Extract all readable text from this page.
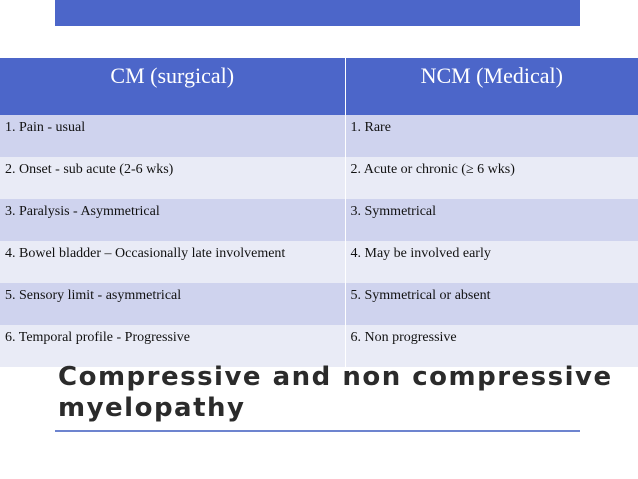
CM (surgical)	NCM (Medical)
1. Pain - usual	1. Rare
2. Onset - sub acute (2-6 wks)	2. Acute or chronic (≥ 6 wks)
3. Paralysis - Asymmetrical	3. Symmetrical
4. Bowel bladder – Occasionally late involvement	4. May be involved early
5. Sensory limit - asymmetrical	5. Symmetrical or absent
6. Temporal profile - Progressive	6. Non progressive
Compressive and non compressive
myelopathy
